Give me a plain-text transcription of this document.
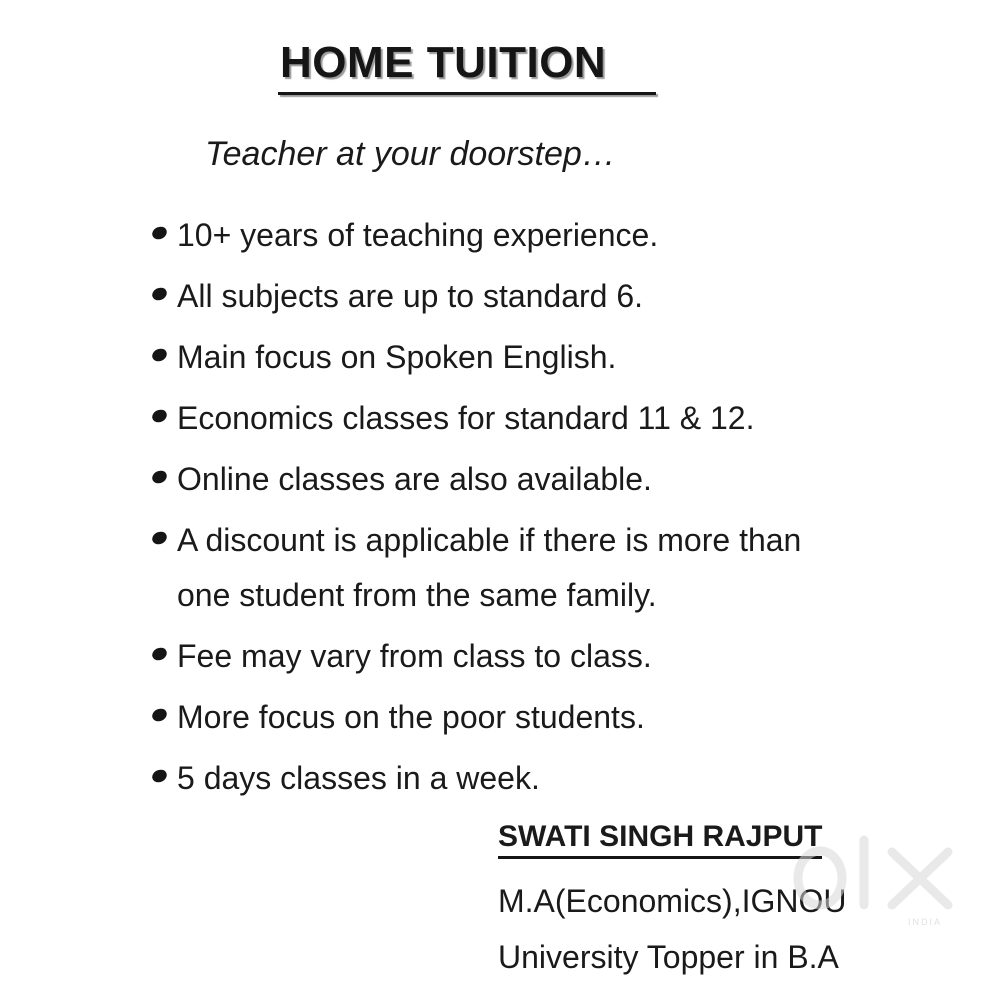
HOME TUITION
Teacher at your doorstep…
10+ years of teaching experience.
All subjects are up to standard 6.
Main focus on Spoken English.
Economics classes for standard 11 & 12.
Online classes are also available.
A discount is applicable if there is more than
one student from the same family.
Fee may vary from class to class.
More focus on the poor students.
5 days classes in a week.
SWATI SINGH RAJPUT
M.A(Economics),IGNOU
University Topper in B.A
INDIA
